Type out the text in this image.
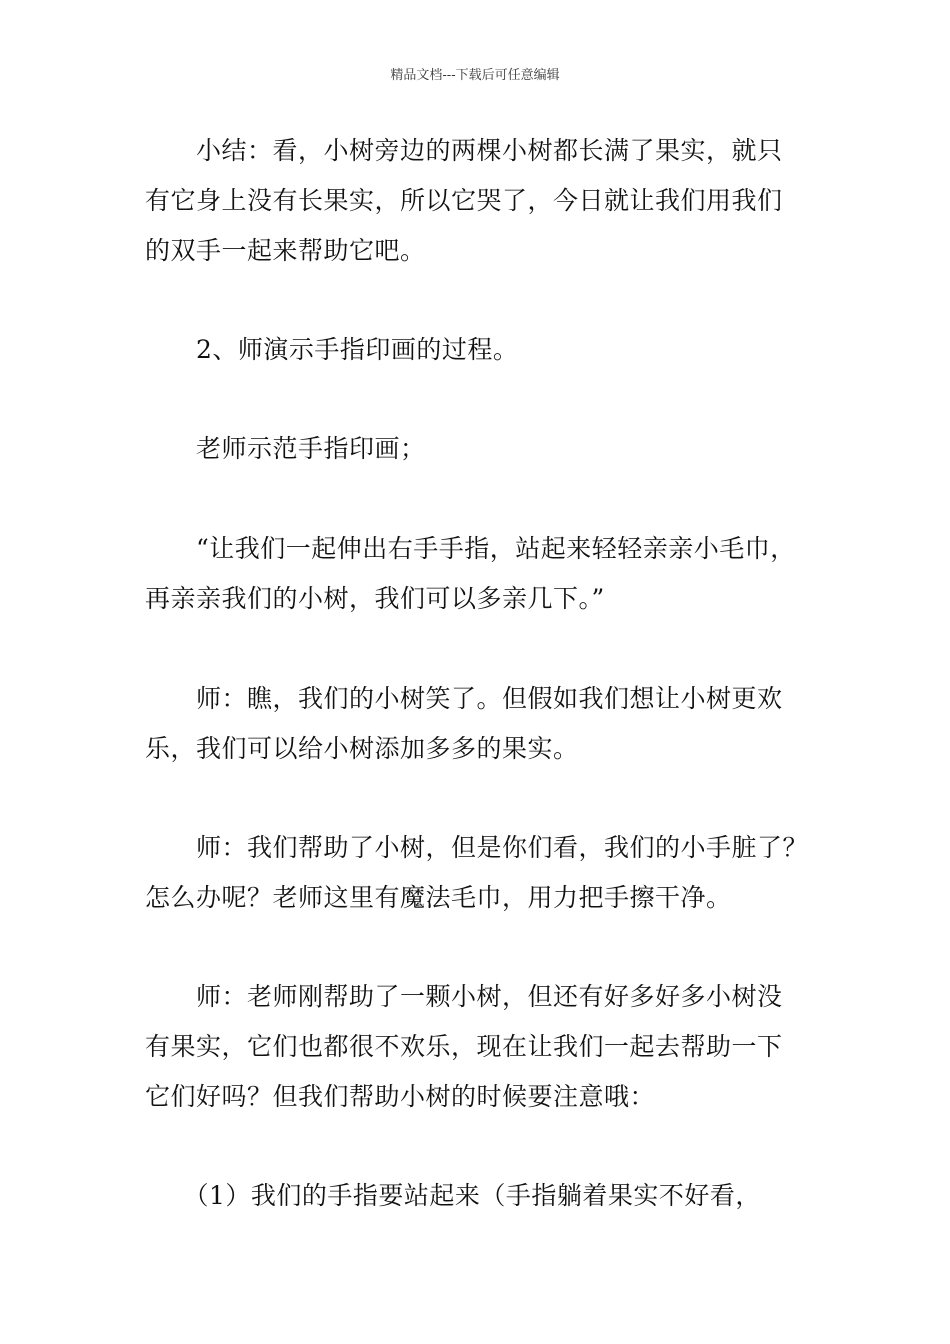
精品文档---下载后可任意编辑
　　小结：看，小树旁边的两棵小树都长满了果实，就只
有它身上没有长果实，所以它哭了，今日就让我们用我们
的双手一起来帮助它吧。
　　2、师演示手指印画的过程。
　　老师示范手指印画；
　　“让我们一起伸出右手手指，站起来轻轻亲亲小毛巾，
再亲亲我们的小树，我们可以多亲几下。”
　　师：瞧，我们的小树笑了。但假如我们想让小树更欢
乐，我们可以给小树添加多多的果实。
　　师：我们帮助了小树，但是你们看，我们的小手脏了？
怎么办呢？老师这里有魔法毛巾，用力把手擦干净。
　　师：老师刚帮助了一颗小树，但还有好多好多小树没
有果实，它们也都很不欢乐，现在让我们一起去帮助一下
它们好吗？但我们帮助小树的时候要注意哦：
　　（1）我们的手指要站起来（手指躺着果实不好看，
